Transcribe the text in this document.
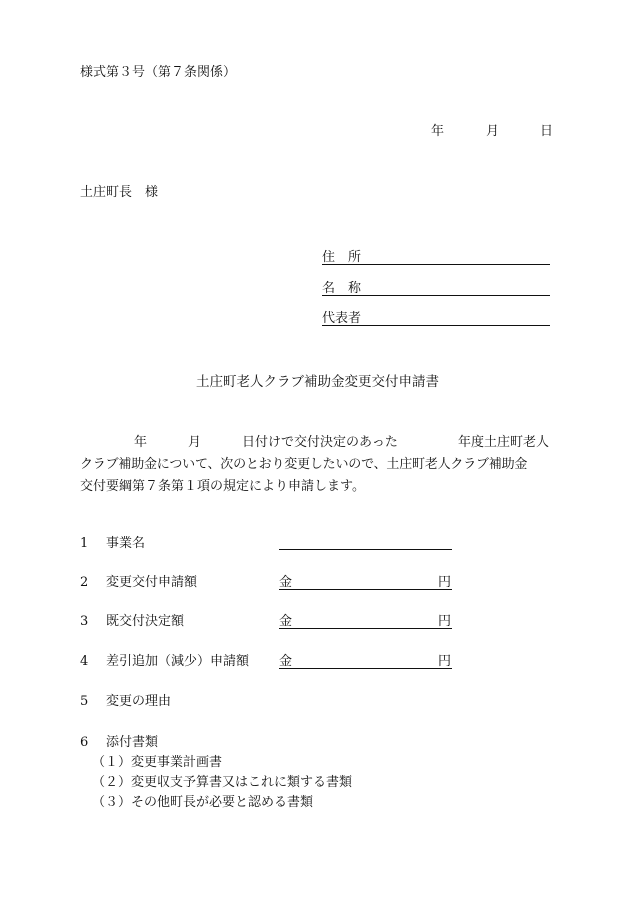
様式第３号（第７条関係）
年	月	日
土庄町長　様
住　所
名　称
代表者
土庄町老人クラブ補助金変更交付申請書
年	月	日付けで交付決定のあった	年度土庄町老人
クラブ補助金について、次のとおり変更したいので、土庄町老人クラブ補助金
交付要綱第７条第１項の規定により申請します。
1 事業名
2 変更交付申請額	金	円
3 既交付決定額	金	円
4 差引追加（減少）申請額 金	円
5 変更の理由
6 添付書類
（１）変更事業計画書
（２）変更収支予算書又はこれに類する書類
（３）その他町長が必要と認める書類
